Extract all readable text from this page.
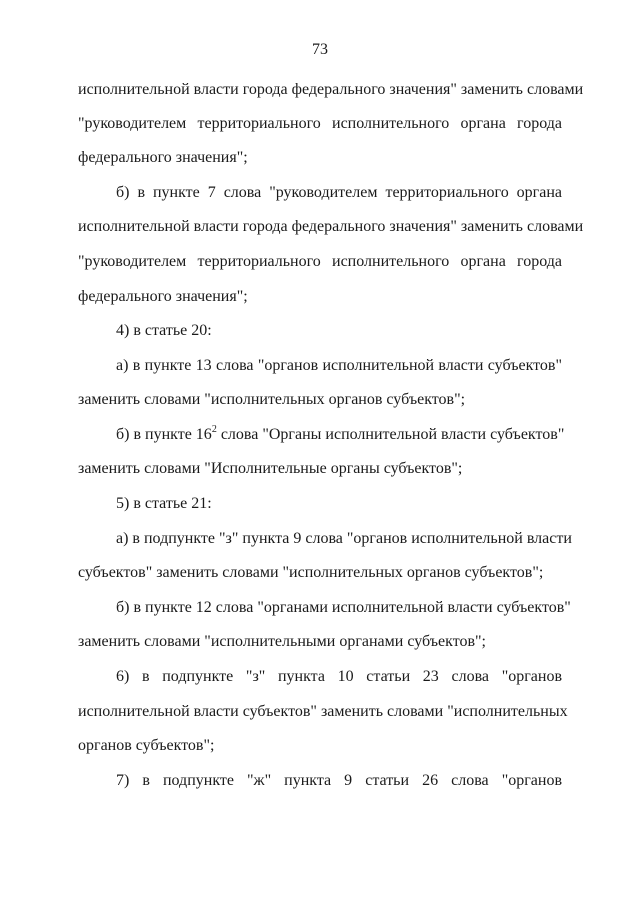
73
исполнительной власти города федерального значения" заменить словами
"руководителем территориального исполнительного органа города
федерального значения";
б) в пункте 7 слова "руководителем территориального органа
исполнительной власти города федерального значения" заменить словами
"руководителем территориального исполнительного органа города
федерального значения";
4) в статье 20:
а) в пункте 13 слова "органов исполнительной власти субъектов"
заменить словами "исполнительных органов субъектов";
б) в пункте $16^2$ слова "Органы исполнительной власти субъектов"
заменить словами "Исполнительные органы субъектов";
5) в статье 21:
а) в подпункте "з" пункта 9 слова "органов исполнительной власти
субъектов" заменить словами "исполнительных органов субъектов";
б) в пункте 12 слова "органами исполнительной власти субъектов"
заменить словами "исполнительными органами субъектов";
6) в подпункте "з" пункта 10 статьи 23 слова "органов
исполнительной власти субъектов" заменить словами "исполнительных
органов субъектов";
7) в подпункте "ж" пункта 9 статьи 26 слова "органов
